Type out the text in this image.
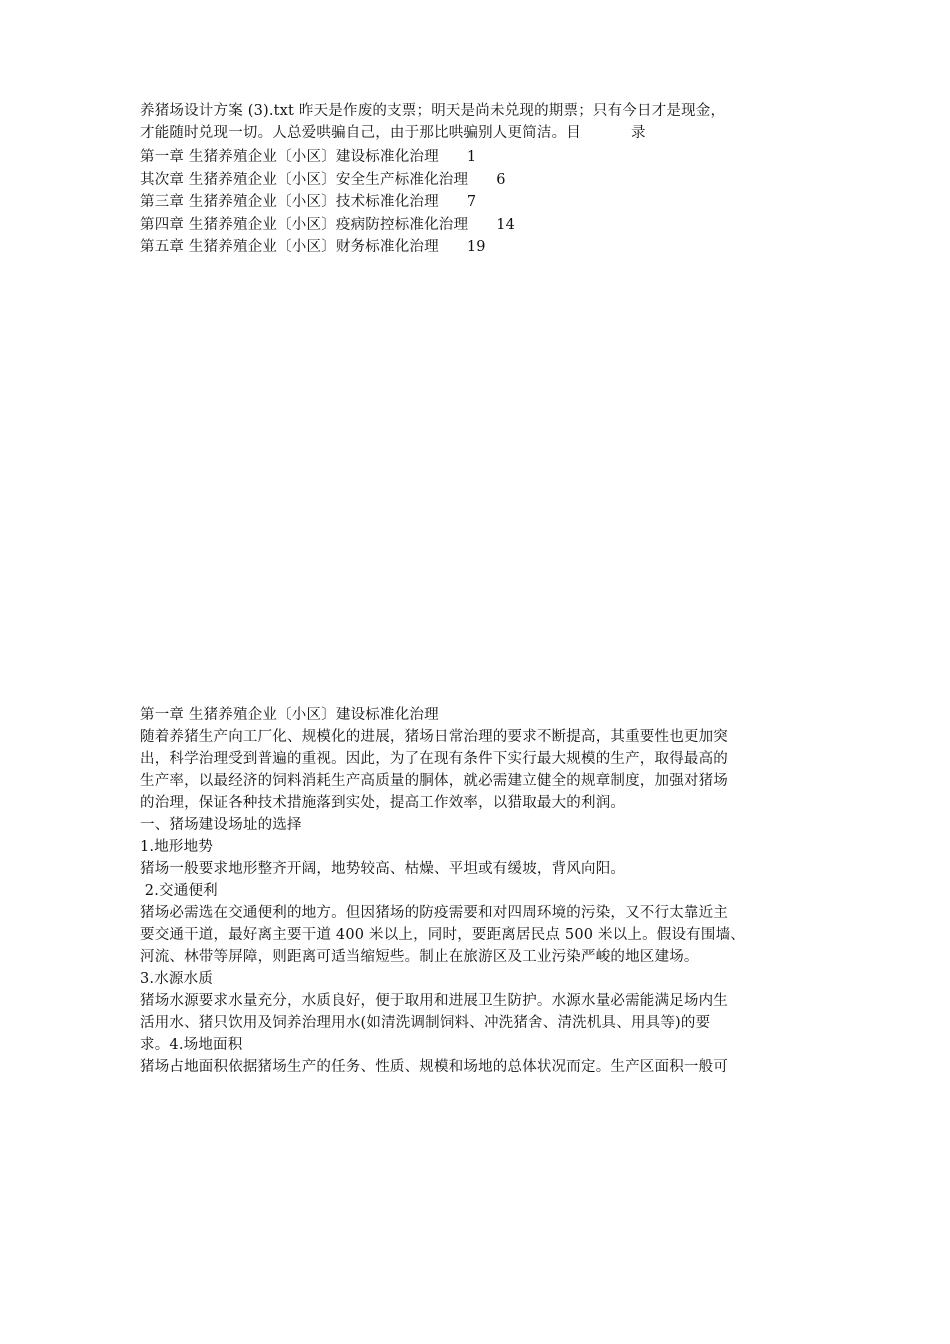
养猪场设计方案 (3).txt 昨天是作废的支票；明天是尚未兑现的期票；只有今日才是现金，

才能随时兑现一切。人总爱哄骗自己，由于那比哄骗别人更简洁。目	录

第一章 生猪养殖企业〔小区〕建设标准化治理 1
其次章 生猪养殖企业〔小区〕安全生产标准化治理 6
第三章 生猪养殖企业〔小区〕技术标准化治理 7
第四章 生猪养殖企业〔小区〕疫病防控标准化治理 14
第五章 生猪养殖企业〔小区〕财务标准化治理 19

第一章 生猪养殖企业〔小区〕建设标准化治理

随着养猪生产向工厂化、规模化的进展，猪场日常治理的要求不断提高，其重要性也更加突

出，科学治理受到普遍的重视。因此，为了在现有条件下实行最大规模的生产，取得最高的

生产率，以最经济的饲料消耗生产高质量的胴体，就必需建立健全的规章制度，加强对猪场

的治理，保证各种技术措施落到实处，提高工作效率，以猎取最大的利润。

一、猪场建设场址的选择

1.地形地势

猪场一般要求地形整齐开阔，地势较高、枯燥、平坦或有缓坡，背风向阳。

2.交通便利

猪场必需选在交通便利的地方。但因猪场的防疫需要和对四周环境的污染，又不行太靠近主

要交通干道，最好离主要干道 400 米以上，同时，要距离居民点 500 米以上。假设有围墙、

河流、林带等屏障，则距离可适当缩短些。制止在旅游区及工业污染严峻的地区建场。

3.水源水质

猪场水源要求水量充分，水质良好，便于取用和进展卫生防护。水源水量必需能满足场内生

活用水、猪只饮用及饲养治理用水(如清洗调制饲料、冲洗猪舍、清洗机具、用具等)的要

求。4.场地面积

猪场占地面积依据猪场生产的任务、性质、规模和场地的总体状况而定。生产区面积一般可
